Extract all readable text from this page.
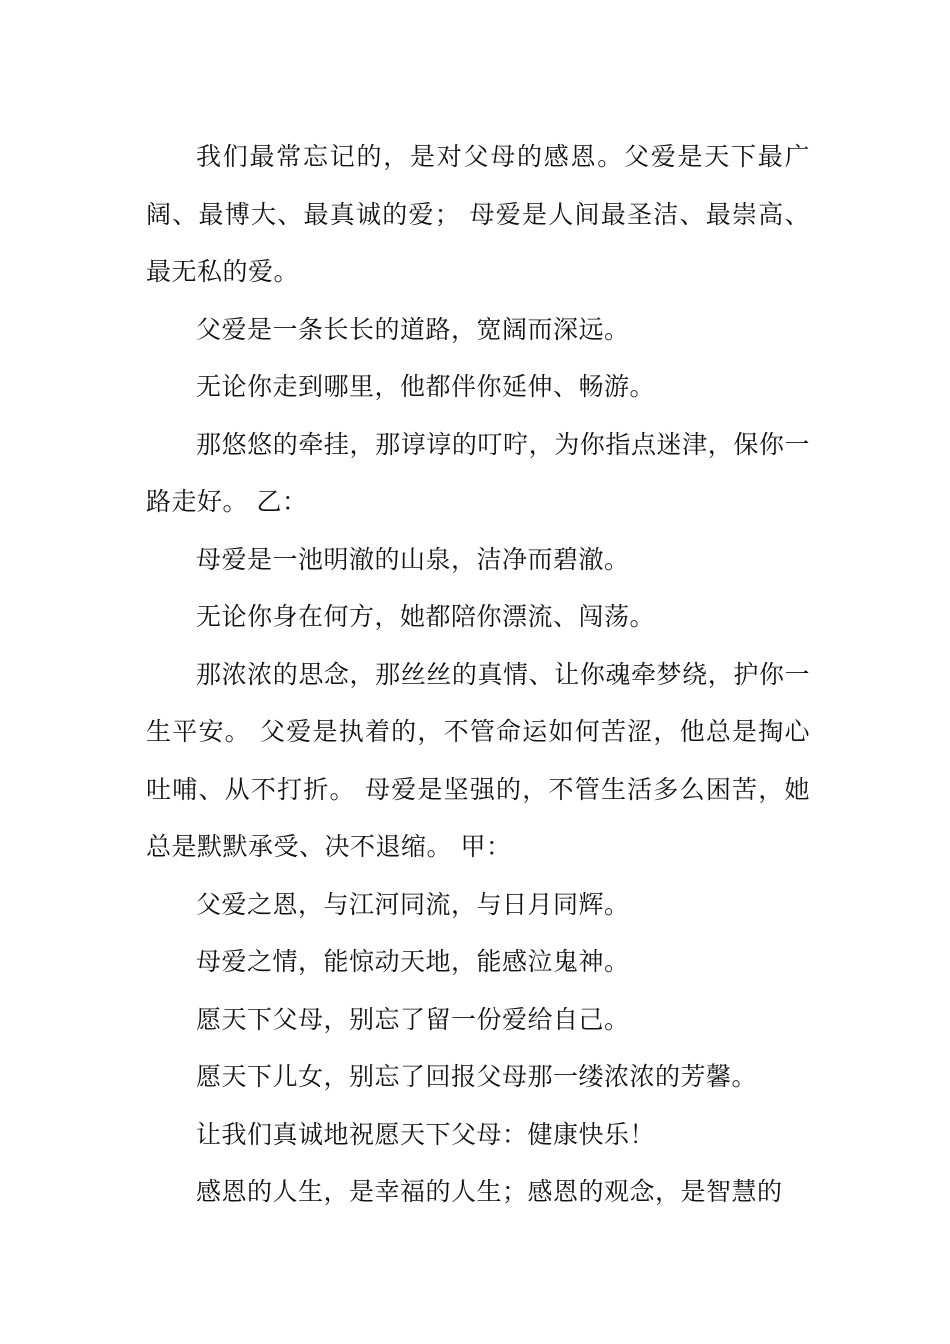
我们最常忘记的，是对父母的感恩。父爱是天下最广阔、最博大、最真诚的爱； 母爱是人间最圣洁、最崇高、最无私的爱。

父爱是一条长长的道路，宽阔而深远。

无论你走到哪里，他都伴你延伸、畅游。

那悠悠的牵挂，那谆谆的叮咛，为你指点迷津，保你一路走好。 乙：

母爱是一池明澈的山泉，洁净而碧澈。

无论你身在何方，她都陪你漂流、闯荡。

那浓浓的思念，那丝丝的真情、让你魂牵梦绕，护你一生平安。 父爱是执着的，不管命运如何苦涩，他总是掏心吐哺、从不打折。 母爱是坚强的，不管生活多么困苦，她总是默默承受、决不退缩。 甲：

父爱之恩，与江河同流，与日月同辉。

母爱之情，能惊动天地，能感泣鬼神。

愿天下父母，别忘了留一份爱给自己。

愿天下儿女，别忘了回报父母那一缕浓浓的芳馨。

让我们真诚地祝愿天下父母：健康快乐！

感恩的人生，是幸福的人生；感恩的观念，是智慧的
